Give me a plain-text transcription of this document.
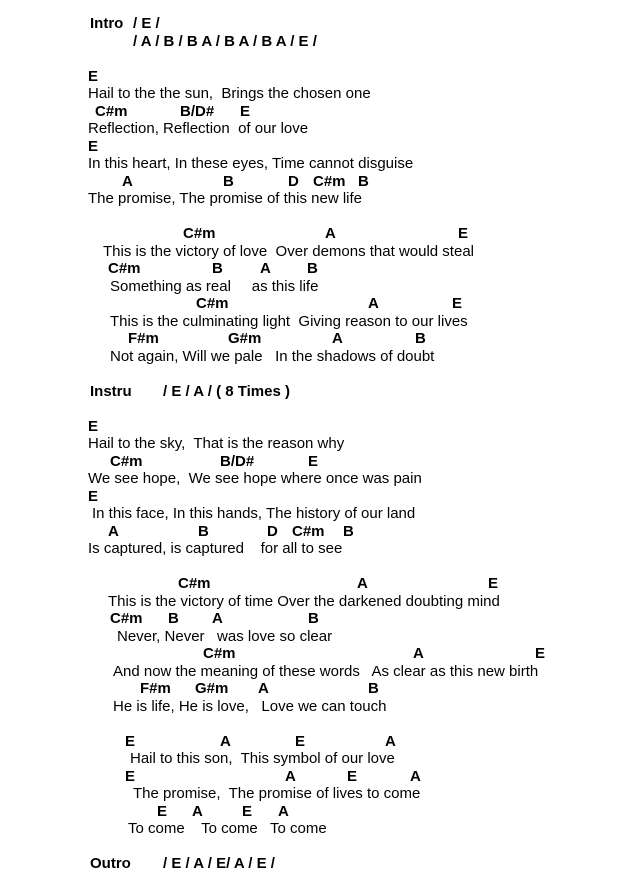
Intro / E /
/ A / B / B A / B A / B A / E /
E
Hail to the the sun,  Brings the chosen one
C#m	B/D# E
Reflection, Reflection  of our love
E
In this heart, In these eyes, Time cannot disguise
A	B	D C#m B
The promise, The promise of this new life
C#m	A	E
This is the victory of love  Over demons that would steal
C#m	B A B
Something as real     as this life
C#m	A	E
This is the culminating light  Giving reason to our lives
F#m	G#m	A	B
Not again, Will we pale   In the shadows of doubt
Instru / E / A / ( 8 Times )
E
Hail to the sky,  That is the reason why
C#m	B/D#	E
We see hope,  We see hope where once was pain
E
In this face, In this hands, The history of our land
A	B	D C#m B
Is captured, is captured    for all to see
C#m	A	E
This is the victory of time Over the darkened doubting mind
C#m B A	B
Never, Never   was love so clear
C#m	A	E
And now the meaning of these words   As clear as this new birth
F#m G#m A	B
He is life, He is love,   Love we can touch
E	A	E	A
Hail to this son,  This symbol of our love
E	A	E	A
The promise,  The promise of lives to come
E A	E A
To come    To come   To come
Outro / E / A / E/ A / E /
